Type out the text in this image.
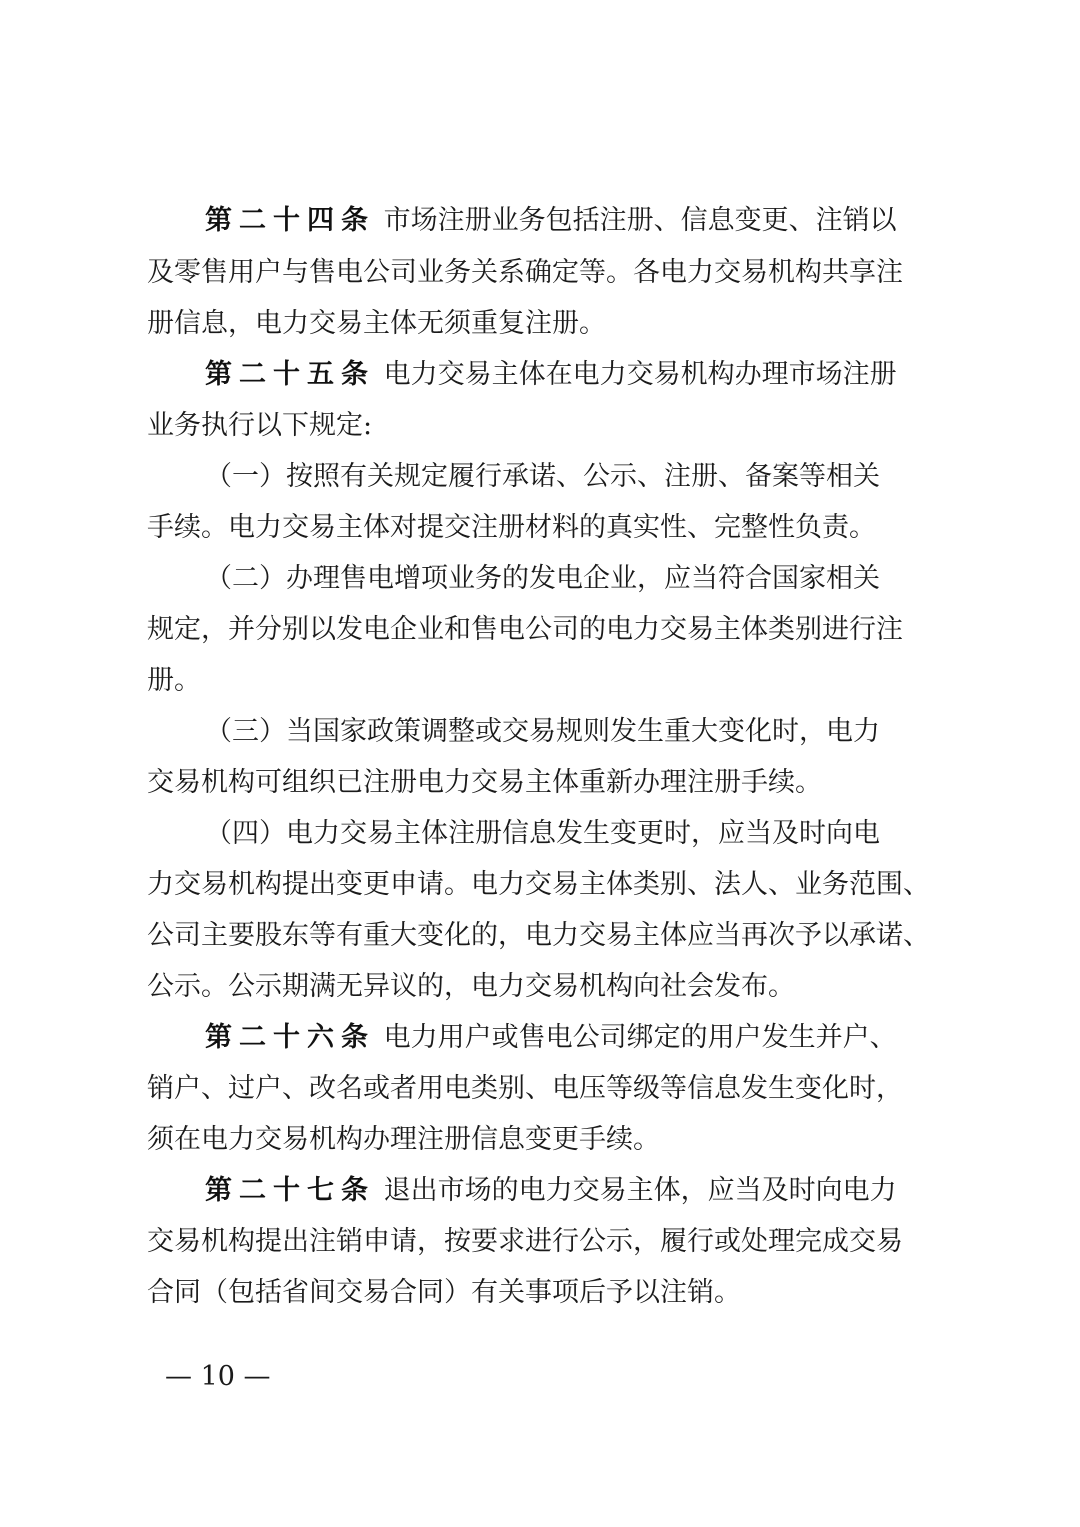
第二十四条 市场注册业务包括注册、信息变更、注销以
及零售用户与售电公司业务关系确定等。各电力交易机构共享注
册信息，电力交易主体无须重复注册。
第二十五条 电力交易主体在电力交易机构办理市场注册
业务执行以下规定:
（一）按照有关规定履行承诺、公示、注册、备案等相关
手续。电力交易主体对提交注册材料的真实性、完整性负责。
（二）办理售电增项业务的发电企业，应当符合国家相关
规定，并分别以发电企业和售电公司的电力交易主体类别进行注
册。
（三）当国家政策调整或交易规则发生重大变化时，电力
交易机构可组织已注册电力交易主体重新办理注册手续。
（四）电力交易主体注册信息发生变更时，应当及时向电
力交易机构提出变更申请。电力交易主体类别、法人、业务范围、
公司主要股东等有重大变化的，电力交易主体应当再次予以承诺、
公示。公示期满无异议的，电力交易机构向社会发布。
第二十六条 电力用户或售电公司绑定的用户发生并户、
销户、过户、改名或者用电类别、电压等级等信息发生变化时，
须在电力交易机构办理注册信息变更手续。
第二十七条 退出市场的电力交易主体，应当及时向电力
交易机构提出注销申请，按要求进行公示，履行或处理完成交易
合同（包括省间交易合同）有关事项后予以注销。
— 10 —
